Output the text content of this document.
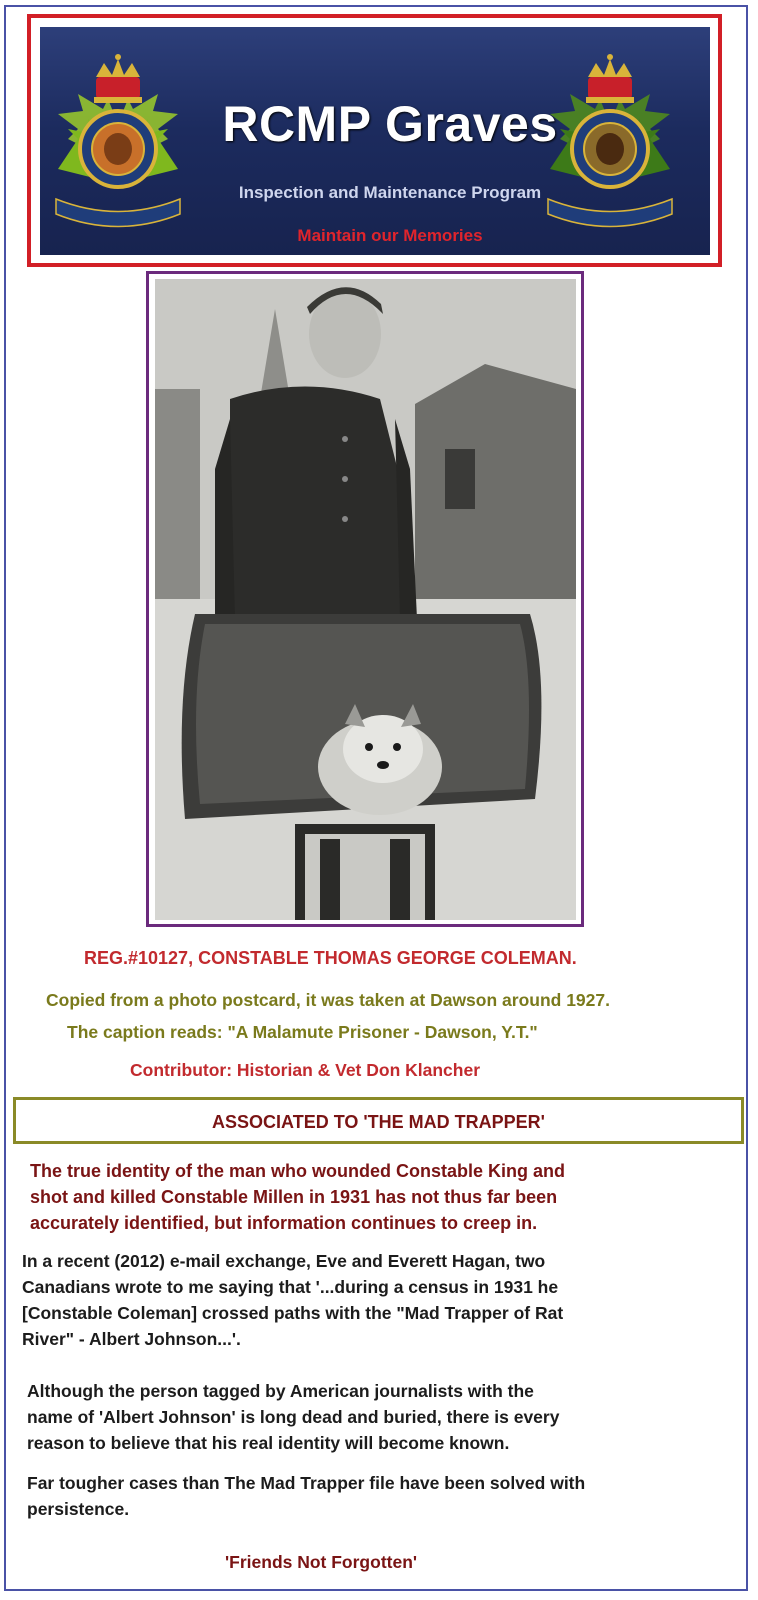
RCMP Graves
Inspection and Maintenance Program
Maintain our Memories
REG.#10127, CONSTABLE THOMAS GEORGE COLEMAN.
Copied from a photo postcard, it was taken at Dawson around 1927.
The caption reads: "A Malamute Prisoner - Dawson, Y.T."
Contributor: Historian & Vet Don Klancher
ASSOCIATED TO 'THE MAD TRAPPER'
The true identity of the man who wounded Constable King and
shot and killed Constable Millen in 1931 has not thus far been
accurately identified, but information continues to creep in.
In a recent (2012) e-mail exchange, Eve and Everett Hagan, two
Canadians wrote to me saying that '...during a census in 1931 he
[Constable Coleman] crossed paths with the "Mad Trapper of Rat
River" - Albert Johnson...'.
Although the person tagged by American journalists with the
name of 'Albert Johnson' is long dead and buried, there is every
reason to believe that his real identity will become known.
Far tougher cases than The Mad Trapper file have been solved with
persistence.
'Friends Not Forgotten'
